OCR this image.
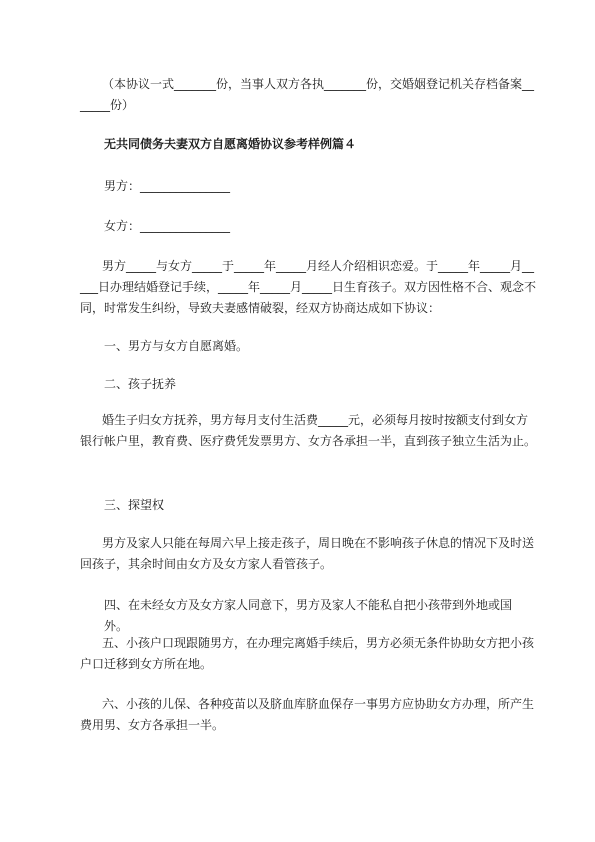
（本协议一式_______份，当事人双方各执_______份，交婚姻登记机关存档备案_______份）

无共同债务夫妻双方自愿离婚协议参考样例篇４

男方：_______________

女方：_______________

男方_____与女方_____于_____年_____月经人介绍相识恋爱。于_____年_____月_____日办理结婚登记手续，_____年_____月_____日生育孩子。双方因性格不合、观念不同，时常发生纠纷，导致夫妻感情破裂，经双方协商达成如下协议：

一、男方与女方自愿离婚。

二、孩子抚养

婚生子归女方抚养，男方每月支付生活费_____元，必须每月按时按额支付到女方银行帐户里，教育费、医疗费凭发票男方、女方各承担一半，直到孩子独立生活为止。

三、探望权

男方及家人只能在每周六早上接走孩子，周日晚在不影响孩子休息的情况下及时送回孩子，其余时间由女方及女方家人看管孩子。

四、在未经女方及女方家人同意下，男方及家人不能私自把小孩带到外地或国外。

五、小孩户口现跟随男方，在办理完离婚手续后，男方必须无条件协助女方把小孩户口迁移到女方所在地。

六、小孩的儿保、各种疫苗以及脐血库脐血保存一事男方应协助女方办理，所产生费用男、女方各承担一半。
